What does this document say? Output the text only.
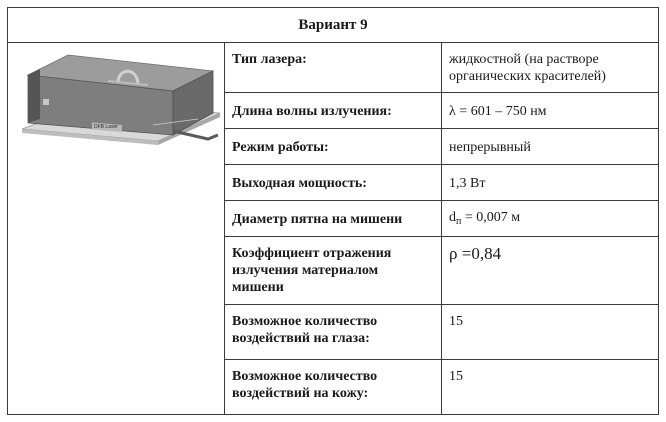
Вариант 9		

DFB Laser	Тип лазера:	жидкостной (на растворе органических красителей)
	Длина волны излучения:	λ = 601 – 750 нм
	Режим работы:	непрерывный
	Выходная мощность:	1,3 Вт
	Диаметр пятна на мишени	$d_п = 0,007$ м
	Коэффициент отражения излучения материалом мишени	ρ =0,84
	Возможное количество воздействий на глаза:	15
	Возможное количество воздействий на кожу:	15
